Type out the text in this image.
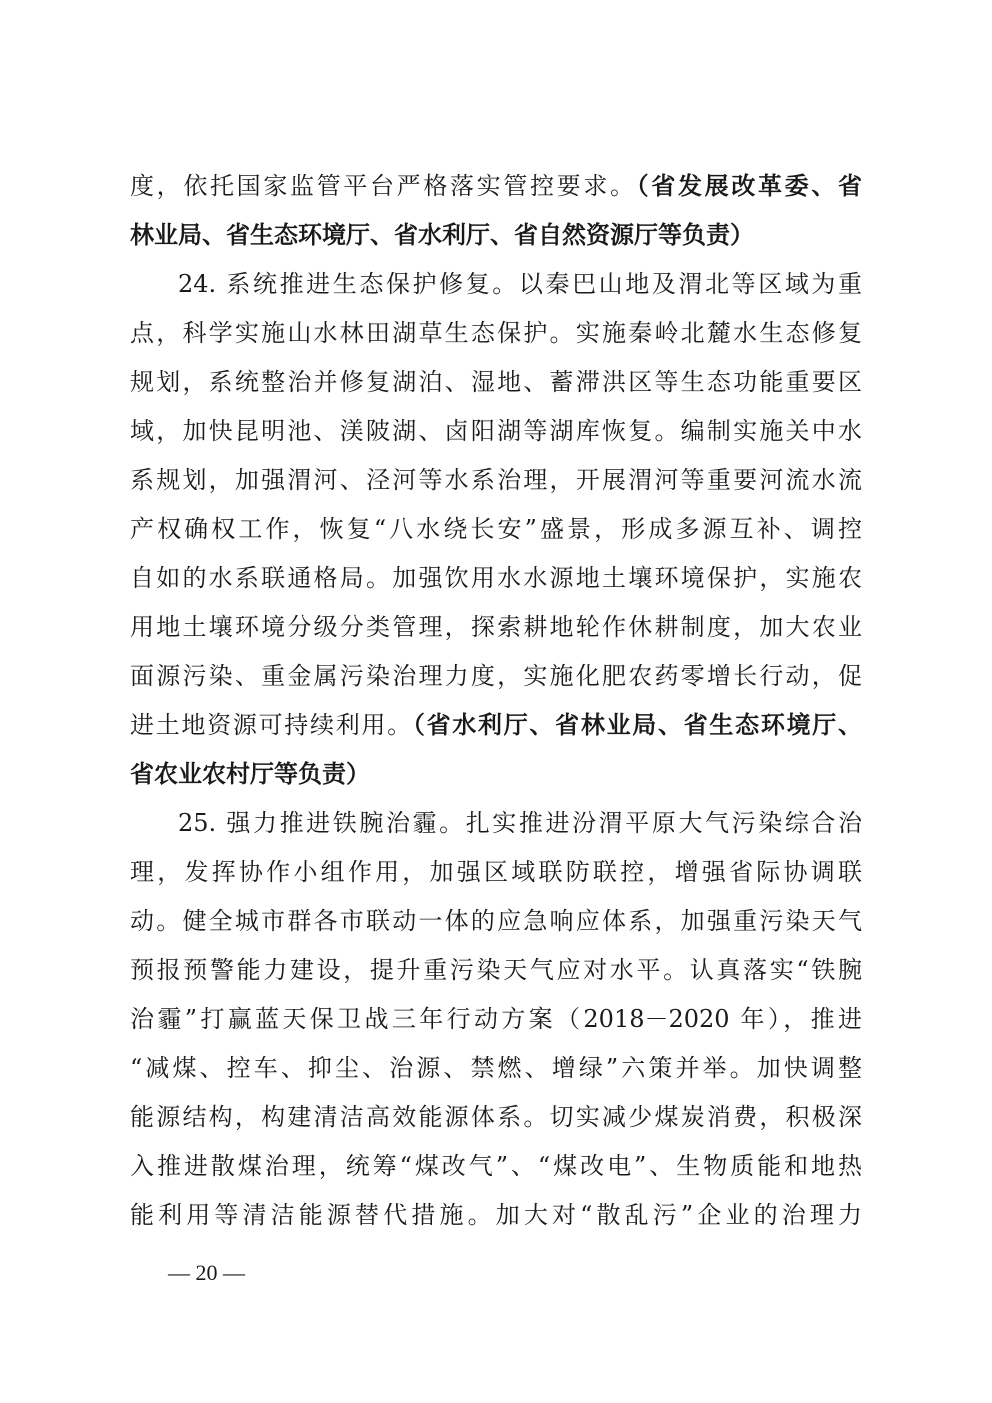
度，依托国家监管平台严格落实管控要求。（省发展改革委、省
林业局、省生态环境厅、省水利厅、省自然资源厅等负责）
24. 系统推进生态保护修复。以秦巴山地及渭北等区域为重
点，科学实施山水林田湖草生态保护。实施秦岭北麓水生态修复
规划，系统整治并修复湖泊、湿地、蓄滞洪区等生态功能重要区
域，加快昆明池、渼陂湖、卤阳湖等湖库恢复。编制实施关中水
系规划，加强渭河、泾河等水系治理，开展渭河等重要河流水流
产权确权工作，恢复“八水绕长安”盛景，形成多源互补、调控
自如的水系联通格局。加强饮用水水源地土壤环境保护，实施农
用地土壤环境分级分类管理，探索耕地轮作休耕制度，加大农业
面源污染、重金属污染治理力度，实施化肥农药零增长行动，促
进土地资源可持续利用。（省水利厅、省林业局、省生态环境厅、
省农业农村厅等负责）
25. 强力推进铁腕治霾。扎实推进汾渭平原大气污染综合治
理，发挥协作小组作用，加强区域联防联控，增强省际协调联
动。健全城市群各市联动一体的应急响应体系，加强重污染天气
预报预警能力建设，提升重污染天气应对水平。认真落实“铁腕
治霾”打赢蓝天保卫战三年行动方案（2018－2020 年），推进
“减煤、控车、抑尘、治源、禁燃、增绿”六策并举。加快调整
能源结构，构建清洁高效能源体系。切实减少煤炭消费，积极深
入推进散煤治理，统筹“煤改气”、“煤改电”、生物质能和地热
能利用等清洁能源替代措施。加大对“散乱污”企业的治理力
— 20 —
